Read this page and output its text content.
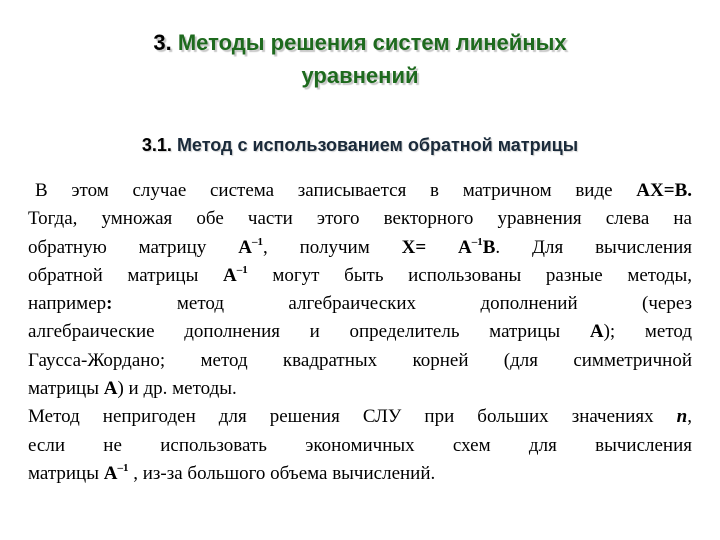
3. Методы решения систем линейных
уравнений
3.1. Метод с использованием обратной матрицы
В этом случае система записывается в матричном виде АХ=В.
Тогда, умножая обе части этого векторного уравнения слева на
обратную матрицу $А^{-1}$, получим $X= А^{-1}B$. Для вычисления
обратной матрицы $А^{-1}$ могут быть использованы разные методы,
например: метод алгебраических дополнений (через
алгебраические дополнения и определитель матрицы А); метод
Гаусса-Жордано; метод квадратных корней (для симметричной
матрицы А) и др. методы.
Метод непригоден для решения СЛУ при больших значениях n,
если не использовать экономичных схем для вычисления
матрицы $А^{-1}$ , из-за большого объема вычислений.
